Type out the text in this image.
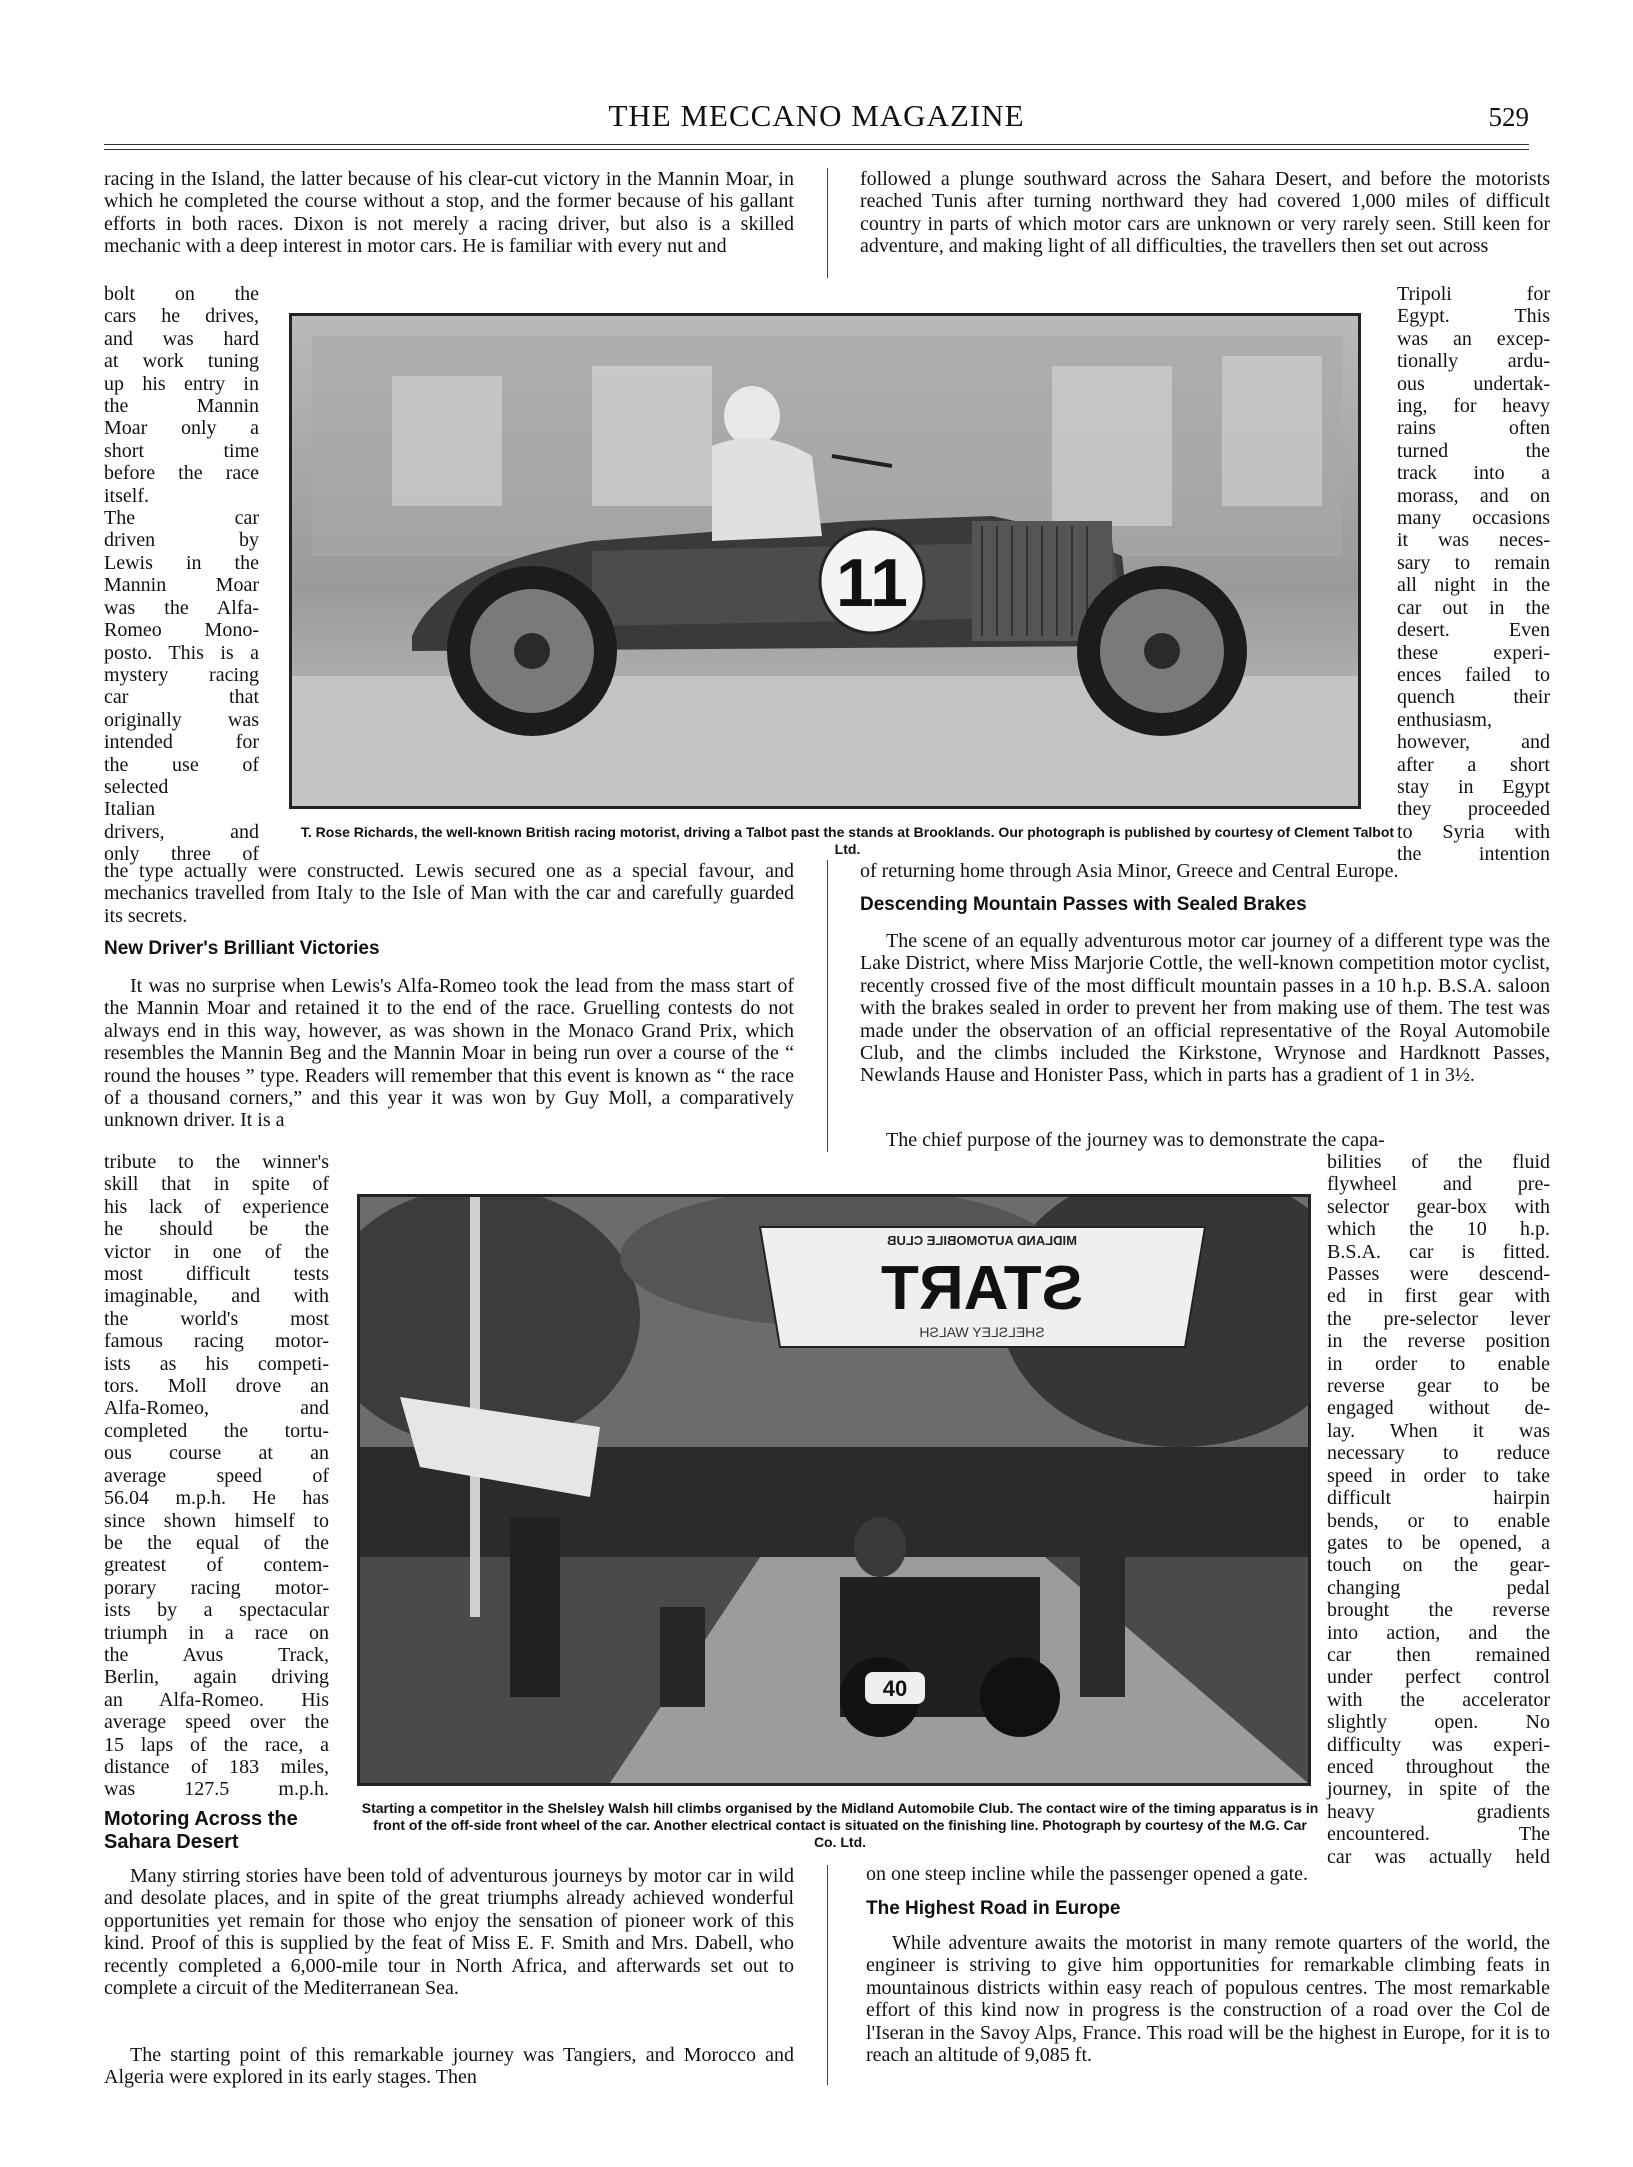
THE MECCANO MAGAZINE	529

racing in the Island, the latter because of his clear-cut victory in the Mannin Moar, in which he completed the course without a stop, and the former because of his gallant efforts in both races. Dixon is not merely a racing driver, but also is a skilled mechanic with a deep interest in motor cars. He is familiar with every nut and

bolt on the
cars he drives,
and was hard
at work tuning
up his entry in
the Mannin
Moar only a
short time
before the race
itself.
The car
driven by
Lewis in the
Mannin Moar
was the Alfa-
Romeo Mono-
posto. This is a
mystery racing
car that
originally was
intended for
the use of
selected
Italian
drivers, and
only three of
11

T. Rose Richards, the well-known British racing motorist, driving a Talbot past the stands at Brooklands. Our photograph is published by courtesy of Clement Talbot Ltd.

the type actually were constructed. Lewis secured one as a special favour, and mechanics travelled from Italy to the Isle of Man with the car and carefully guarded its secrets.

New Driver's Brilliant Victories

It was no surprise when Lewis's Alfa-Romeo took the lead from the mass start of the Mannin Moar and retained it to the end of the race. Gruelling contests do not always end in this way, however, as was shown in the Monaco Grand Prix, which resembles the Mannin Beg and the Mannin Moar in being run over a course of the “ round the houses ” type. Readers will remember that this event is known as “ the race of a thousand corners,” and this year it was won by Guy Moll, a comparatively unknown driver. It is a

tribute to the winner's
skill that in spite of
his lack of experience
he should be the
victor in one of the
most difficult tests
imaginable, and with
the world's most
famous racing motor-
ists as his competi-
tors. Moll drove an
Alfa-Romeo, and
completed the tortu-
ous course at an
average speed of
56.04 m.p.h. He has
since shown himself to
be the equal of the
greatest of contem-
porary racing motor-
ists by a spectacular
triumph in a race on
the Avus Track,
Berlin, again driving
an Alfa-Romeo. His
average speed over the
15 laps of the race, a
distance of 183 miles,
was 127.5 m.p.h.
MIDLAND AUTOMOBILE CLUB
START
SHELSLEY WALSH
40

Starting a competitor in the Shelsley Walsh hill climbs organised by the Midland Automobile Club. The contact wire of the timing apparatus is in front of the off-side front wheel of the car. Another electrical contact is situated on the finishing line. Photograph by courtesy of the M.G. Car Co. Ltd.

Motoring Across the Sahara Desert

Many stirring stories have been told of adventurous journeys by motor car in wild and desolate places, and in spite of the great triumphs already achieved wonderful opportunities yet remain for those who enjoy the sensation of pioneer work of this kind. Proof of this is supplied by the feat of Miss E. F. Smith and Mrs. Dabell, who recently completed a 6,000-mile tour in North Africa, and afterwards set out to complete a circuit of the Mediterranean Sea.

The starting point of this remarkable journey was Tangiers, and Morocco and Algeria were explored in its early stages. Then

followed a plunge southward across the Sahara Desert, and before the motorists reached Tunis after turning northward they had covered 1,000 miles of difficult country in parts of which motor cars are unknown or very rarely seen. Still keen for adventure, and making light of all difficulties, the travellers then set out across

Tripoli for
Egypt. This
was an excep-
tionally ardu-
ous undertak-
ing, for heavy
rains often
turned the
track into a
morass, and on
many occasions
it was neces-
sary to remain
all night in the
car out in the
desert. Even
these experi-
ences failed to
quench their
enthusiasm,
however, and
after a short
stay in Egypt
they proceeded
to Syria with
the intention

of returning home through Asia Minor, Greece and Central Europe.

Descending Mountain Passes with Sealed Brakes

The scene of an equally adventurous motor car journey of a different type was the Lake District, where Miss Marjorie Cottle, the well-known competition motor cyclist, recently crossed five of the most difficult mountain passes in a 10 h.p. B.S.A. saloon with the brakes sealed in order to prevent her from making use of them. The test was made under the observation of an official representative of the Royal Automobile Club, and the climbs included the Kirkstone, Wrynose and Hardknott Passes, Newlands Hause and Honister Pass, which in parts has a gradient of 1 in 3½.

The chief purpose of the journey was to demonstrate the capa-

bilities of the fluid
flywheel and pre-
selector gear-box with
which the 10 h.p.
B.S.A. car is fitted.
Passes were descend-
ed in first gear with
the pre-selector lever
in the reverse position
in order to enable
reverse gear to be
engaged without de-
lay. When it was
necessary to reduce
speed in order to take
difficult hairpin
bends, or to enable
gates to be opened, a
touch on the gear-
changing pedal
brought the reverse
into action, and the
car then remained
under perfect control
with the accelerator
slightly open. No
difficulty was experi-
enced throughout the
journey, in spite of the
heavy gradients
encountered. The
car was actually held

on one steep incline while the passenger opened a gate.

The Highest Road in Europe

While adventure awaits the motorist in many remote quarters of the world, the engineer is striving to give him opportunities for remarkable climbing feats in mountainous districts within easy reach of populous centres. The most remarkable effort of this kind now in progress is the construction of a road over the Col de l'Iseran in the Savoy Alps, France. This road will be the highest in Europe, for it is to reach an altitude of 9,085 ft.
